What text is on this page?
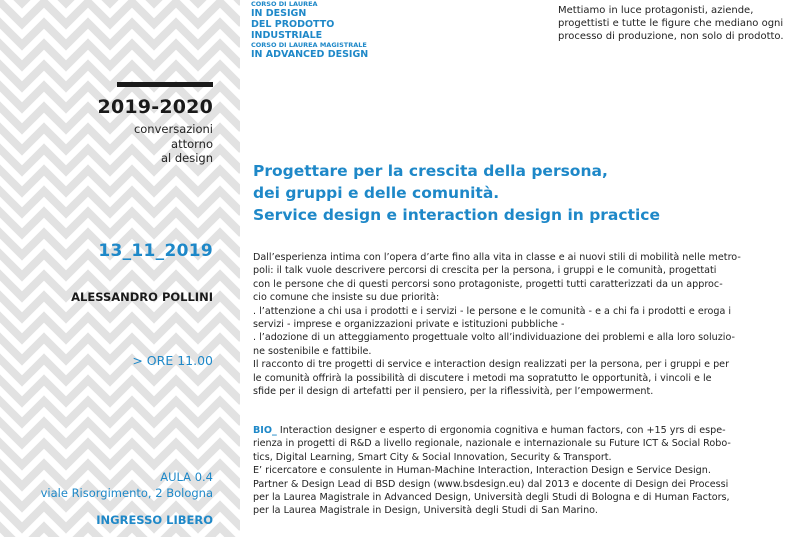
2019-2020
conversazioni
attorno
al design
13_11_2019
ALESSANDRO POLLINI
> ORE 11.00
AULA 0.4
viale Risorgimento, 2 Bologna
INGRESSO LIBERO
CORSO DI LAUREA
IN DESIGN
DEL PRODOTTO
INDUSTRIALE
CORSO DI LAUREA MAGISTRALE
IN ADVANCED DESIGN
Mettiamo in luce protagonisti, aziende, progettisti e tutte le figure che mediano ogni processo di produzione, non solo di prodotto.
Progettare per la crescita della persona,
dei gruppi e delle comunità.
Service design e interaction design in practice

Dall’esperienza intima con l’opera d’arte fino alla vita in classe e ai nuovi stili di mobilità nelle metro-

poli: il talk vuole descrivere percorsi di crescita per la persona, i gruppi e le comunità, progettati

con le persone che di questi percorsi sono protagoniste, progetti tutti caratterizzati da un approc-

cio comune che insiste su due priorità:

. l’attenzione a chi usa i prodotti e i servizi - le persone e le comunità - e a chi fa i prodotti e eroga i

servizi - imprese e organizzazioni private e istituzioni pubbliche -

. l’adozione di un atteggiamento progettuale volto all’individuazione dei problemi e alla loro soluzio-

ne sostenibile e fattibile.

Il racconto di tre progetti di service e interaction design realizzati per la persona, per i gruppi e per

le comunità offrirà la possibilità di discutere i metodi ma sopratutto le opportunità, i vincoli e le

sfide per il design di artefatti per il pensiero, per la riflessività, per l’empowerment.

BIO_ Interaction designer e esperto di ergonomia cognitiva e human factors, con +15 yrs di espe-

rienza in progetti di R&D a livello regionale, nazionale e internazionale su Future ICT & Social Robo-

tics, Digital Learning, Smart City & Social Innovation, Security & Transport.

E’ ricercatore e consulente in Human-Machine Interaction, Interaction Design e Service Design.

Partner & Design Lead di BSD design (www.bsdesign.eu) dal 2013 e docente di Design dei Processi

per la Laurea Magistrale in Advanced Design, Università degli Studi di Bologna e di Human Factors,

per la Laurea Magistrale in Design, Università degli Studi di San Marino.
